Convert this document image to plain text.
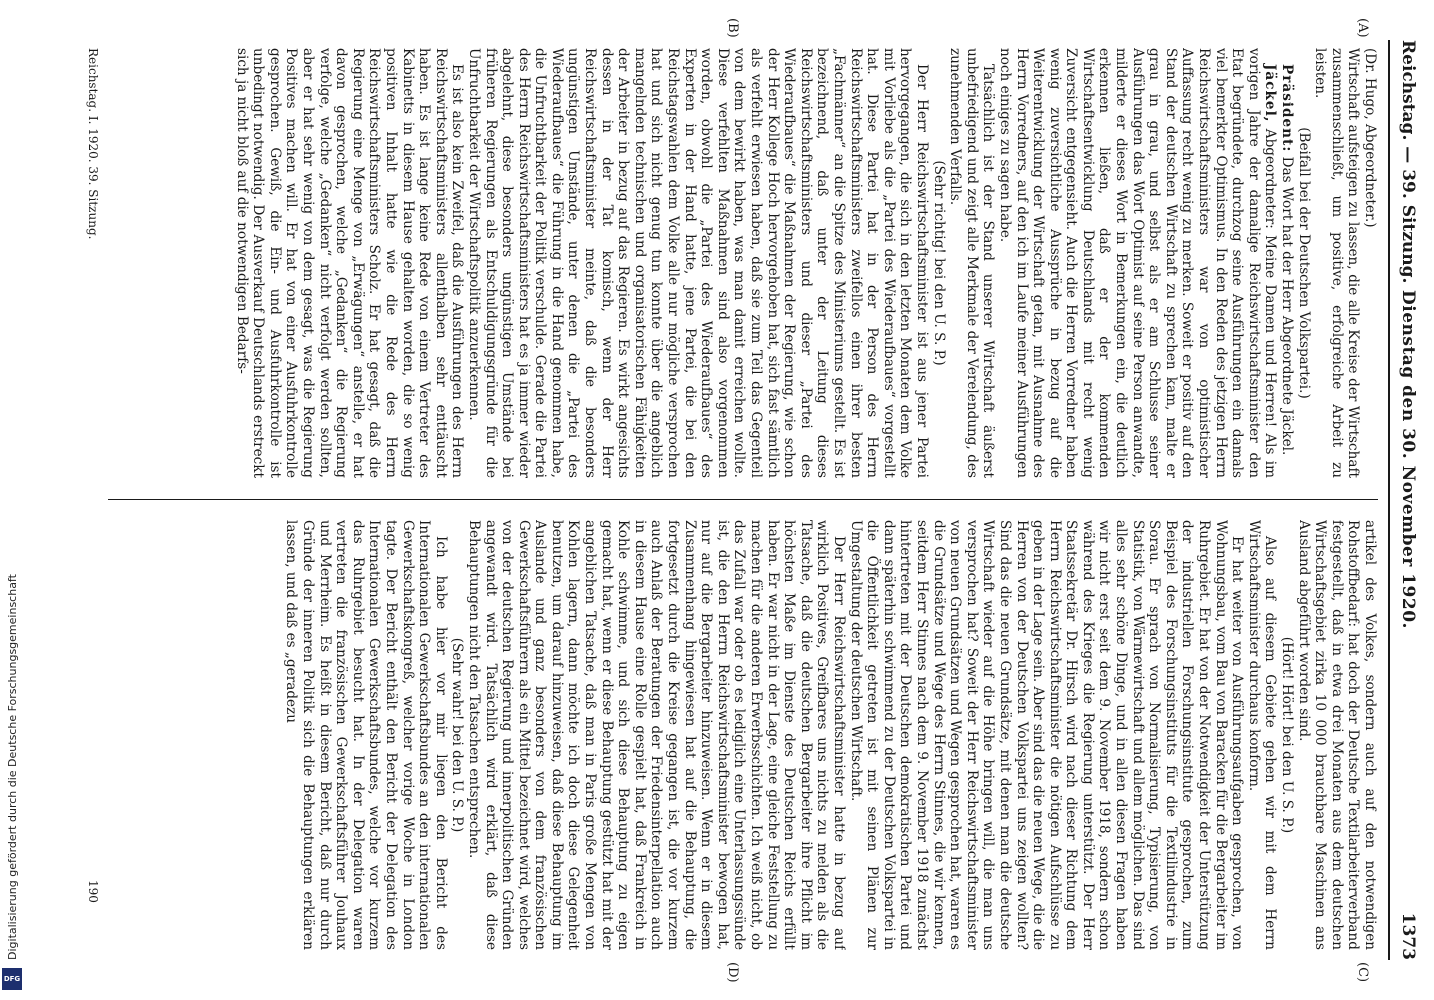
Digitalisierung gefördert durch die Deutsche Forschungsgemeinschaft
DFG
Reichstag. — 39. Sitzung.
Dienstag den 30. November 1920.
1373
(A)
(B)
(C)
(D)

(Dr. Hugo, Abgeordneter.)

Wirtschaft aufsteigen zu lassen, die alle Kreise der Wirtschaft zusammenschließt, um positive, erfolgreiche Arbeit zu leisten.

(Beifall bei der Deutschen Volkspartei.)

Präsident: Das Wort hat der Herr Abgeordnete Jäckel.

Jäckel, Abgeordneter: Meine Damen und Herren! Als im vorigen Jahre der damalige Reichswirtschaftsminister den Etat begründete, durchzog seine Ausführungen ein damals viel bemerkter Optimismus. In den Reden des jetzigen Herrn Reichswirtschaftsministers war von optimistischer Auffassung recht wenig zu merken. Soweit er positiv auf den Stand der deutschen Wirtschaft zu sprechen kam, malte er grau in grau, und selbst als er am Schlusse seiner Ausführungen das Wort Optimist auf seine Person anwandte, milderte er dieses Wort in Bemerkungen ein, die deutlich erkennen ließen, daß er der kommenden Wirtschaftsentwicklung Deutschlands mit recht wenig Zuversicht entgegensieht. Auch die Herren Vorredner haben wenig zuversichtliche Aussprüche in bezug auf die Weiterentwicklung der Wirtschaft getan, mit Ausnahme des Herrn Vorredners, auf den ich im Laufe meiner Ausführungen noch einiges zu sagen habe.

Tatsächlich ist der Stand unserer Wirtschaft äußerst unbefriedigend und zeigt alle Merkmale der Verelendung, des zunehmenden Verfalls.

(Sehr richtig! bei den U. S. P.)

Der Herr Reichswirtschaftsminister ist aus jener Partei hervorgegangen, die sich in den letzten Monaten dem Volke mit Vorliebe als die „Partei des Wiederaufbaues“ vorgestellt hat. Diese Partei hat in der Person des Herrn Reichswirtschaftsministers zweifellos einen ihrer besten „Fachmänner“ an die Spitze des Ministeriums gestellt. Es ist bezeichnend, daß unter der Leitung dieses Reichswirtschaftsministers und dieser „Partei des Wiederaufbaues“ die Maßnahmen der Regierung, wie schon der Herr Kollege Hoch hervorgehoben hat, sich fast sämtlich als verfehlt erwiesen haben, daß sie zum Teil das Gegenteil von dem bewirkt haben, was man damit erreichen wollte. Diese verfehlten Maßnahmen sind also vorgenommen worden, obwohl die „Partei des Wiederaufbaues“ des Experten in der Hand hatte, jene Partei, die bei den Reichstagswahlen dem Volke alle nur mögliche versprochen hat und sich nicht genug tun konnte über die angeblich mangelnden technischen und organisatorischen Fähigkeiten der Arbeiter in bezug auf das Regieren. Es wirkt angesichts dessen in der Tat komisch, wenn der Herr Reichswirtschaftsminister meinte, daß die besonders ungünstigen Umstände, unter denen die „Partei des Wiederaufbaues“ die Führung in die Hand genommen habe, die Unfruchtbarkeit der Politik verschulde. Gerade die Partei des Herrn Reichswirtschaftsministers hat es ja immer wieder abgelehnt, diese besonders ungünstigen Umstände bei früheren Regierungen als Entschuldigungsgründe für die Unfruchtbarkeit der Wirtschaftspolitik anzuerkennen.

Es ist also kein Zweifel, daß die Ausführungen des Herrn Reichswirtschaftsministers allenthalben sehr enttäuscht haben. Es ist lange keine Rede von einem Vertreter des Kabinetts in diesem Hause gehalten worden, die so wenig positiven Inhalt hatte wie die Rede des Herrn Reichswirtschaftsministers Scholz. Er hat gesagt, daß die Regierung eine Menge von „Erwägungen“ anstelle, er hat davon gesprochen, welche „Gedanken“ die Regierung verfolge, welche „Gedanken“ nicht verfolgt werden sollten, aber er hat sehr wenig von dem gesagt, was die Regierung Positives machen will. Er hat von einer Ausfuhrkontrolle gesprochen. Gewiß, die Ein- und Ausfuhrkontrolle ist unbedingt notwendig. Der Ausverkauf Deutschlands erstreckt sich ja nicht bloß auf die notwendigen Bedarfs-

artikel des Volkes, sondern auch auf den notwendigen Rohstoffbedarf: hat doch der Deutsche Textilarbeiterverband festgestellt, daß in etwa drei Monaten aus dem deutschen Wirtschaftsgebiet zirka 10 000 brauchbare Maschinen ans Ausland abgeführt worden sind.

(Hört! Hört! bei den U. S. P.)

Also auf diesem Gebiete gehen wir mit dem Herrn Wirtschaftsminister durchaus konform.

Er hat weiter von Ausführungsaufgaben gesprochen, von Wohnungsbau, vom Bau von Baracken für die Bergarbeiter im Ruhrgebiet. Er hat von der Notwendigkeit der Unterstützung der industriellen Forschungsinstitute gesprochen, zum Beispiel des Forschungsinstituts für die Textilindustrie in Sorau. Er sprach von Normalisierung, Typisierung, von Statistik, von Wärmewirtschaft und allem möglichen. Das sind alles sehr schöne Dinge, und in allen diesen Fragen haben wir nicht erst seit dem 9. November 1918, sondern schon während des Krieges die Regierung unterstützt. Der Herr Staatssekretär Dr. Hirsch wird nach dieser Richtung dem Herrn Reichswirtschaftsminister die nötigen Aufschlüsse zu geben in der Lage sein. Aber sind das die neuen Wege, die die Herren von der Deutschen Volkspartei uns zeigen wollten? Sind das die neuen Grundsätze, mit denen man die deutsche Wirtschaft wieder auf die Höhe bringen will, die man uns versprochen hat? Soweit der Herr Reichswirtschaftsminister von neuen Grundsätzen und Wegen gesprochen hat, waren es die Grundsätze und Wege des Herrn Stinnes, die wir kennen, seitdem Herr Stinnes nach dem 9. November 1918 zunächst hintertreten mit der Deutschen demokratischen Partei und dann späterhin schwimmend zu der Deutschen Volkspartei in die Öffentlichkeit getreten ist mit seinen Plänen zur Umgestaltung der deutschen Wirtschaft.

Der Herr Reichswirtschaftsminister hatte in bezug auf wirklich Positives, Greifbares uns nichts zu melden als die Tatsache, daß die deutschen Bergarbeiter ihre Pflicht im höchsten Maße im Dienste des Deutschen Reichs erfüllt haben. Er war nicht in der Lage, eine gleiche Feststellung zu machen für die anderen Erwerbsschichten. Ich weiß nicht, ob das Zufall war oder ob es lediglich eine Unterlassungssünde ist, die den Herrn Reichswirtschaftsminister bewogen hat, nur auf die Bergarbeiter hinzuweisen. Wenn er in diesem Zusammenhang hingewiesen hat auf die Behauptung, die fortgesetzt durch die Kreise gegangen ist, die vor kurzem auch Anlaß der Beratungen der Friedensinterpellation auch in diesem Hause eine Rolle gespielt hat, daß Frankreich in Kohle schwimme, und sich diese Behauptung zu eigen gemacht hat, wenn er diese Behauptung gestützt hat mit der angeblichen Tatsache, daß man in Paris große Mengen von Kohlen lagern, dann möchte ich doch diese Gelegenheit benutzen, um darauf hinzuweisen, daß diese Behauptung im Auslande und ganz besonders von dem französischen Gewerkschaftsführern als ein Mittel bezeichnet wird, welches von der deutschen Regierung und innerpolitischen Gründen angewandt wird. Tatsächlich wird erklärt, daß diese Behauptungen nicht den Tatsachen entsprechen.

(Sehr wahr! bei den U. S. P.)

Ich habe hier vor mir liegen den Bericht des Internationalen Gewerkschaftsbundes an den internationalen Gewerkschaftskongreß, welcher vorige Woche in London tagte. Der Bericht enthält den Bericht der Delegation des Internationalen Gewerkschaftsbundes, welche vor kurzem das Ruhrgebiet besucht hat. In der Delegation waren vertreten die französischen Gewerkschaftsführer Jouhaux und Merrheim. Es heißt in diesem Bericht, daß nur durch Gründe der inneren Politik sich die Behauptungen erklären lassen, und daß es „geradezu

Reichstag. I. 1920. 39. Sitzung.
190
